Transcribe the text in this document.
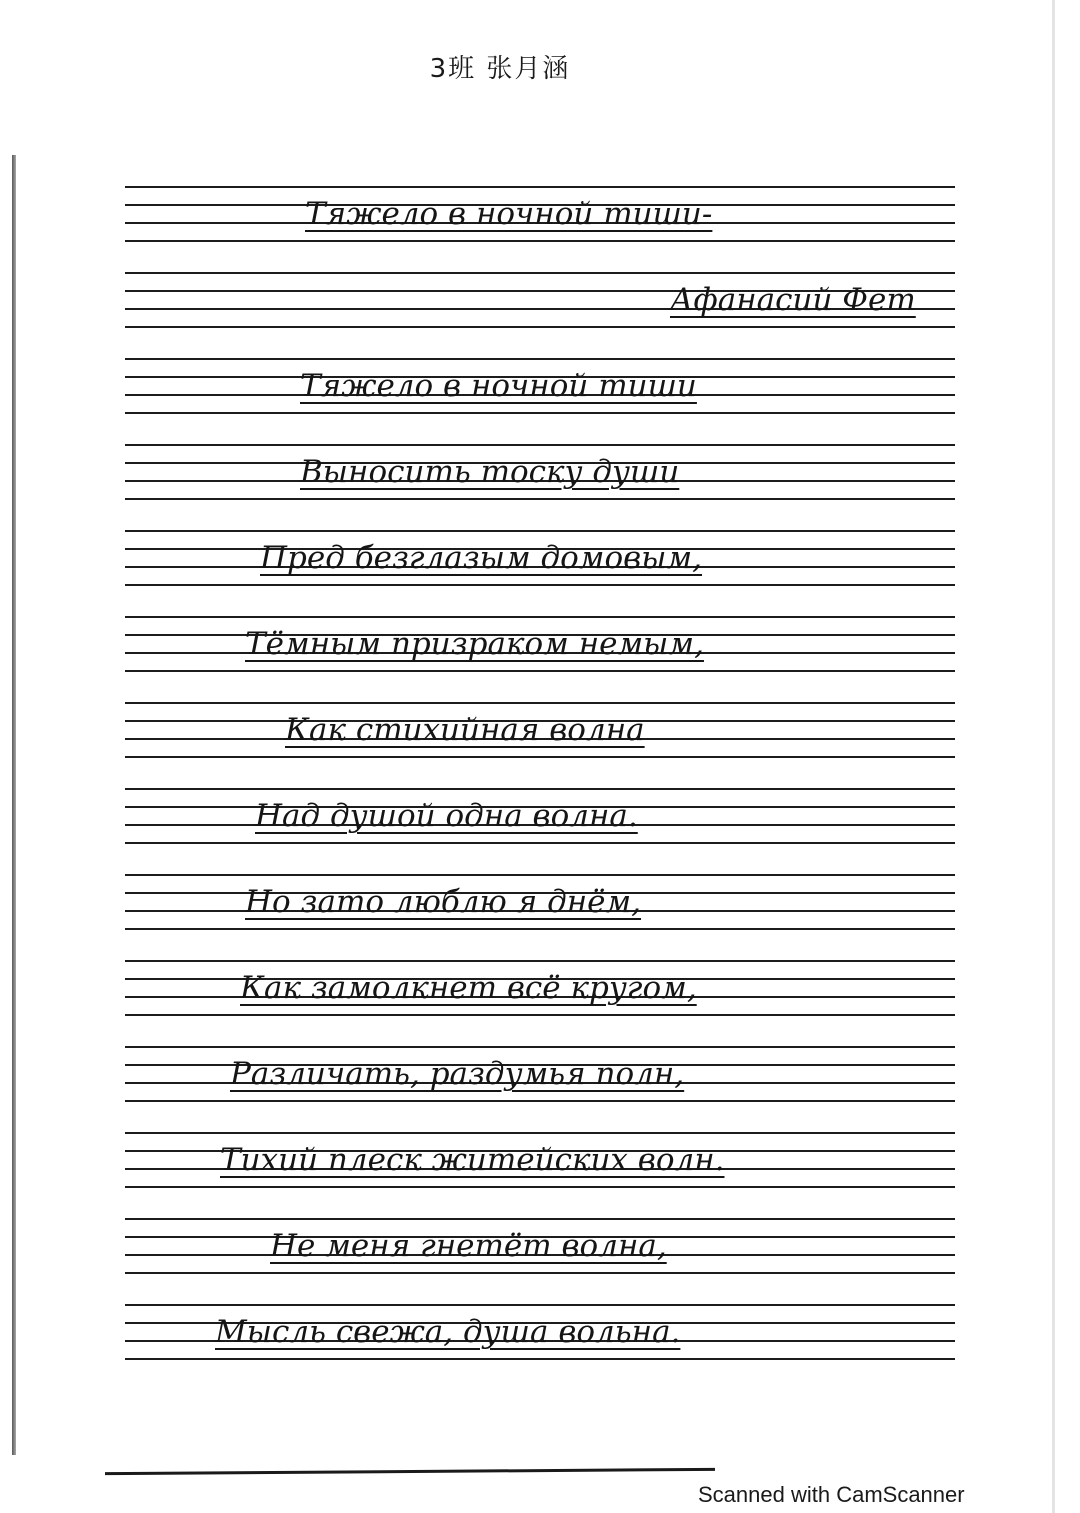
3班 张月涵
Тяжело в ночной тиши-
Афанасий Фет
Тяжело в ночной тиши
Выносить тоску души
Пред безглазым домовым,
Тёмным призраком немым,
Как стихийная волна
Над душой одна волна.
Но зато люблю я днём,
Как замолкнет всё кругом,
Различать, раздумья полн,
Тихий плеск житейских волн.
Не меня гнетёт волна,
Мысль свежа, душа вольна.
Scanned with CamScanner
